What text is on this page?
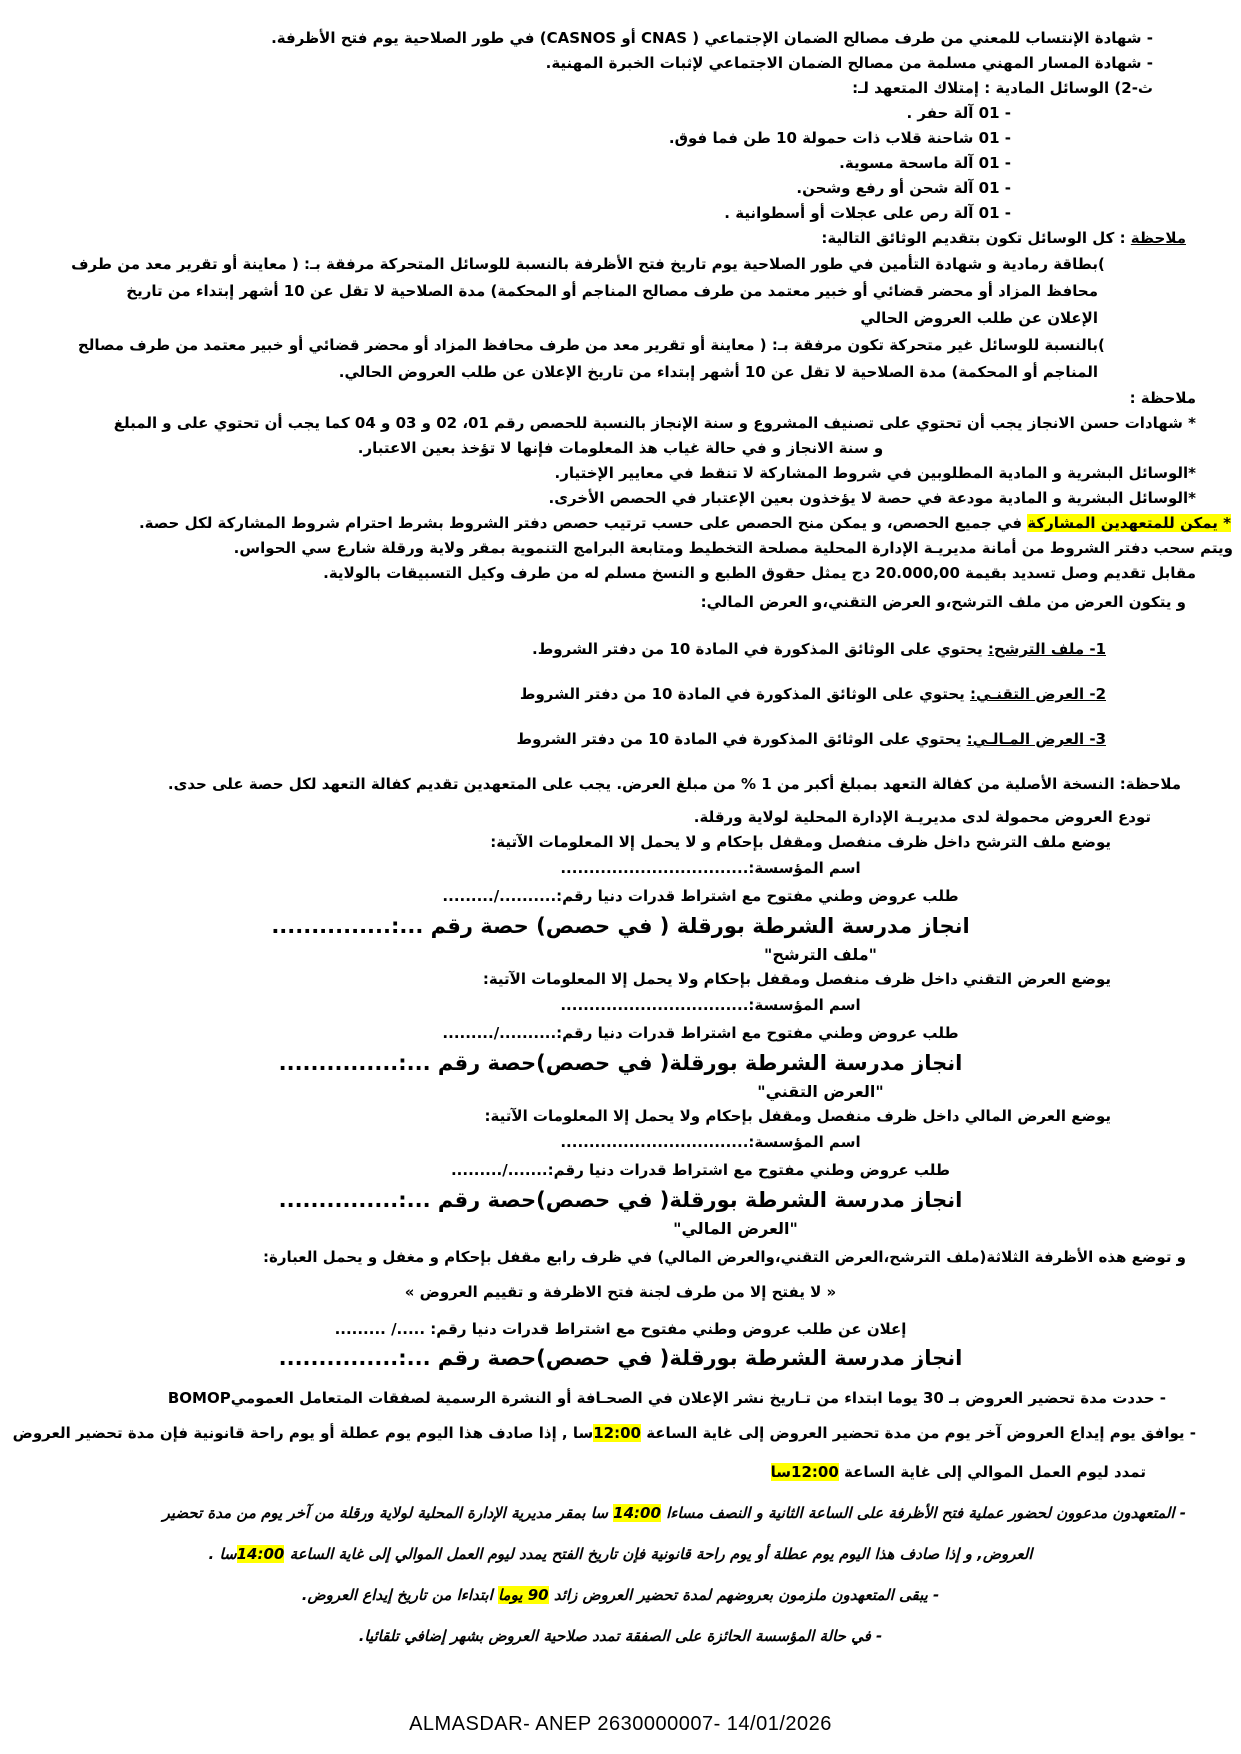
- شهادة الإنتساب للمعني من طرف مصالح الضمان الإجتماعي ( CNAS أو CASNOS) في طور الصلاحية يوم فتح الأظرفة.
- شهادة المسار المهني مسلمة من مصالح الضمان الاجتماعي لإثبات الخبرة المهنية.
ث-2) الوسائل المادية : إمتلاك المتعهد لـ:
- 01 آلة حفر .
- 01 شاحنة قلاب ذات حمولة 10 طن فما فوق.
- 01 آلة ماسحة مسوية.
- 01 آلة شحن أو رفع وشحن.
- 01 آلة رص على عجلات أو أسطوانية .
ملاحظة : كل الوسائل تكون بتقديم الوثائق التالية:
(
بطاقة رمادية و شهادة التأمين في طور الصلاحية يوم تاريخ فتح الأظرفة بالنسبة للوسائل المتحركة مرفقة بـ: ( معاينة أو تقرير معد من طرف
محافظ المزاد أو محضر قضائي أو خبير معتمد من طرف مصالح المناجم أو المحكمة) مدة الصلاحية لا تقل عن 10 أشهر إبتداء من تاريخ
الإعلان عن طلب العروض الحالي
(
بالنسبة للوسائل غير متحركة تكون مرفقة بـ: ( معاينة أو تقرير معد من طرف محافظ المزاد أو محضر قضائي أو خبير معتمد من طرف مصالح
المناجم أو المحكمة) مدة الصلاحية لا تقل عن 10 أشهر إبتداء من تاريخ الإعلان عن طلب العروض الحالي.
ملاحظة :
* شهادات حسن الانجاز يجب أن تحتوي على تصنيف المشروع و سنة الإنجاز بالنسبة للحصص رقم 01، 02 و 03 و 04 كما يجب أن تحتوي على و المبلغ
و سنة الانجاز و في حالة غياب هذ المعلومات فإنها لا تؤخذ بعين الاعتبار.
*الوسائل البشرية و المادية المطلوبين في شروط المشاركة لا تنقط في معايير الإختيار.
*الوسائل البشرية و المادية مودعة في حصة لا يؤخذون بعين الإعتبار في الحصص الأخرى.
* يمكن للمتعهدين المشاركة في جميع الحصص، و يمكن منح الحصص على حسب ترتيب حصص دفتر الشروط بشرط احترام شروط المشاركة لكل حصة.
ويتم سحب دفتر الشروط من أمانة مديريـة الإدارة المحلية مصلحة التخطيط ومتابعة البرامج التنموية بمقر ولاية ورقلة شارع سي الحواس.
مقابل تقديم وصل تسديد بقيمة 20.000,00 دج يمثل حقوق الطبع و النسخ مسلم له من طرف وكيل التسبيقات بالولاية.
و يتكون العرض من ملف الترشح،و العرض التقني،و العرض المالي:
1- ملف الترشح: يحتوي على الوثائق المذكورة في المادة 10 من دفتر الشروط.
2- العرض التقنـي: يحتوي على الوثائق المذكورة في المادة 10 من دفتر الشروط
3- العرض المـالـي: يحتوي على الوثائق المذكورة في المادة 10 من دفتر الشروط
ملاحظة: النسخة الأصلية من كفالة التعهد بمبلغ أكبر من 1 % من مبلغ العرض. يجب على المتعهدين تقديم كفالة التعهد لكل حصة على حدى.
تودع العروض محمولة لدى مديريـة الإدارة المحلية لولاية ورقلة.
يوضع ملف الترشح داخل ظرف منفصل ومقفل بإحكام و لا يحمل إلا المعلومات الآتية:
اسم المؤسسة:.................................
طلب عروض وطني مفتوح مع اشتراط قدرات دنيا رقم:........../.........
انجاز مدرسة الشرطة بورقلة ( في حصص) حصة رقم ...:...............
"ملف الترشح"
يوضع العرض التقني داخل ظرف منفصل ومقفل بإحكام ولا يحمل إلا المعلومات الآتية:
اسم المؤسسة:.................................
طلب عروض وطني مفتوح مع اشتراط قدرات دنيا رقم:........../.........
انجاز مدرسة الشرطة بورقلة( في حصص)حصة رقم ...:...............
"العرض التقني"
يوضع العرض المالي داخل ظرف منفصل ومقفل بإحكام ولا يحمل إلا المعلومات الآتية:
اسم المؤسسة:.................................
طلب عروض وطني مفتوح مع اشتراط قدرات دنيا رقم:......./.........
انجاز مدرسة الشرطة بورقلة( في حصص)حصة رقم ...:...............
"العرض المالي"
و توضع هذه الأظرفة الثلاثة(ملف الترشح،العرض التقني،والعرض المالي) في ظرف رابع مقفل بإحكام و مغفل و يحمل العبارة:
« لا يفتح إلا من طرف لجنة فتح الاظرفة و تقييم العروض »
إعلان عن طلب عروض وطني مفتوح مع اشتراط قدرات دنيا رقم: ...../ .........
انجاز مدرسة الشرطة بورقلة( في حصص)حصة رقم ...:...............
- حددت مدة تحضير العروض بـ 30 يوما ابتداء من تـاريخ نشر الإعلان في الصحـافة أو النشرة الرسمية لصفقات المتعامل العموميBOMOP
- يوافق يوم إيداع العروض آخر يوم من مدة تحضير العروض إلى غاية الساعة 12:00سا , إذا صادف هذا اليوم يوم عطلة أو يوم راحة قانونية فإن مدة تحضير العروض
تمدد ليوم العمل الموالي إلى غاية الساعة 12:00سا
- المتعهدون مدعوون لحضور عملية فتح الأظرفة على الساعة الثانية و النصف مساءا 14:00 سا بمقر مديرية الإدارة المحلية لولاية ورقلة من آخر يوم من مدة تحضير
العروض, و إذا صادف هذا اليوم يوم عطلة أو يوم راحة قانونية فإن تاريخ الفتح يمدد ليوم العمل الموالي إلى غاية الساعة 14:00سا .
- يبقى المتعهدون ملزمون بعروضهم لمدة تحضير العروض زائد 90 يوما ابتداءا من تاريخ إيداع العروض.
- في حالة المؤسسة الحائزة على الصفقة تمدد صلاحية العروض بشهر إضافي تلقائيا.
ALMASDAR- ANEP 2630000007- 14/01/2026
